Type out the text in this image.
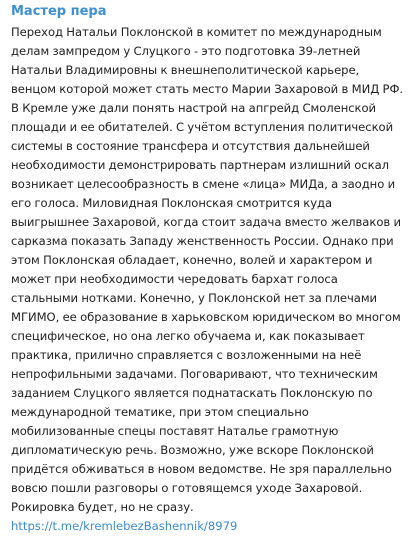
Мастер пера
Переход Натальи Поклонской в комитет по международным делам зампредом у Слуцкого - это подготовка 39-летней Натальи Владимировны к внешнеполитической карьере, венцом которой может стать место Марии Захаровой в МИД РФ. В Кремле уже дали понять настрой на апгрейд Смоленской площади и ее обитателей. С учётом вступления политической системы в состояние трансфера и отсутствия дальнейшей необходимости демонстрировать партнерам излишний оскал возникает целесообразность в смене «лица» МИДа, а заодно и его голоса. Миловидная Поклонская смотрится куда выигрышнее Захаровой, когда стоит задача вместо желваков и сарказма показать Западу женственность России. Однако при этом Поклонская обладает, конечно, волей и характером и может при необходимости чередовать бархат голоса стальными нотками. Конечно, у Поклонской нет за плечами МГИМО, ее образование в харьковском юридическом во многом специфическое, но она легко обучаема и, как показывает практика, прилично справляется с возложенными на неё непрофильными задачами. Поговаривают, что техническим заданием Слуцкого является поднатаскать Поклонскую по международной тематике, при этом специально мобилизованные спецы поставят Наталье грамотную дипломатическую речь. Возможно, уже вскоре Поклонской придётся обживаться в новом ведомстве. Не зря параллельно вовсю пошли разговоры о готовящемся уходе Захаровой. Рокировка будет, но не сразу.
https://t.me/kremlebezBashennik/8979
